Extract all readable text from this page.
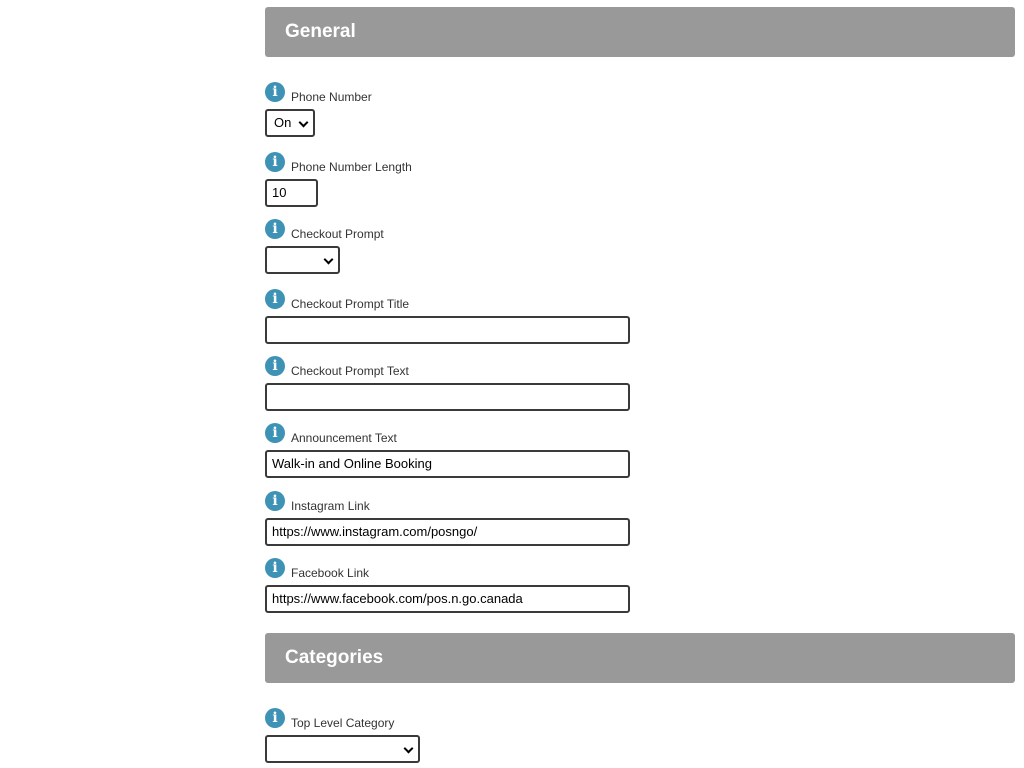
General
i	Phone Number
On
i	Phone Number Length
10
i	Checkout Prompt
i	Checkout Prompt Title
i	Checkout Prompt Text
i	Announcement Text
Walk-in and Online Booking
i	Instagram Link
https://www.instagram.com/posngo/
i	Facebook Link
https://www.facebook.com/pos.n.go.canada
Categories
i	Top Level Category
